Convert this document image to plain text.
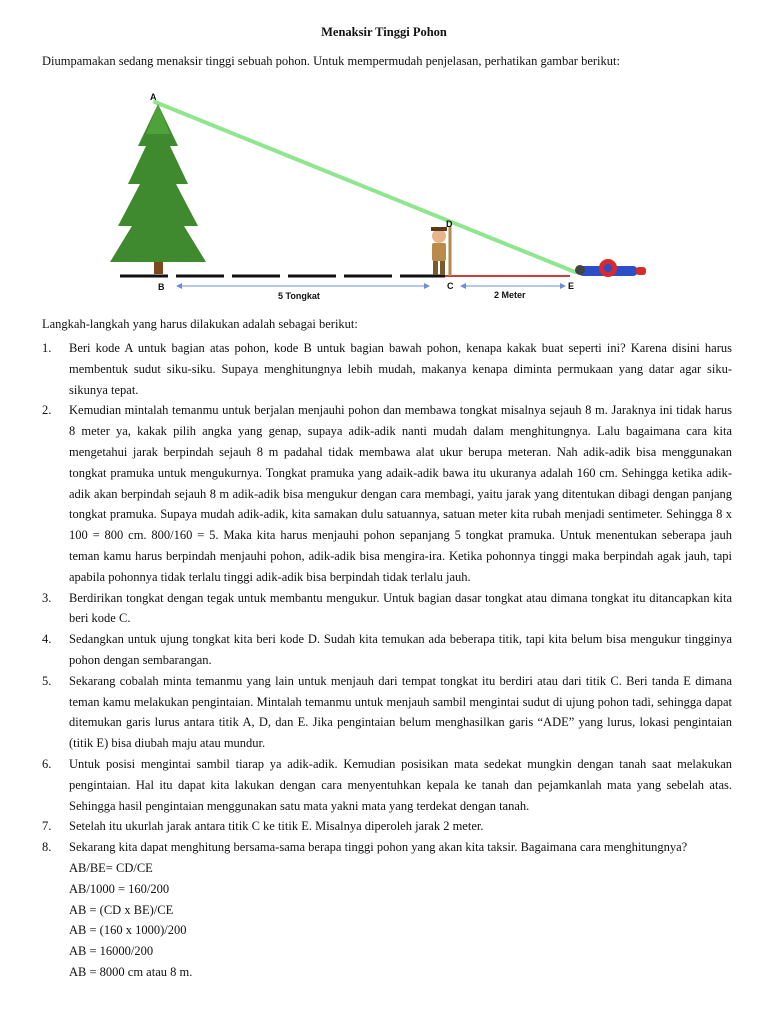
Menaksir Tinggi Pohon
Diumpamakan sedang menaksir tinggi sebuah pohon. Untuk mempermudah penjelasan, perhatikan gambar berikut:
A
B	C
D
E
5 Tongkat	2 Meter
Langkah-langkah yang harus dilakukan adalah sebagai berikut:
1.	Beri kode A untuk bagian atas pohon, kode B untuk bagian bawah pohon, kenapa kakak buat seperti ini? Karena disini harus membentuk sudut siku-siku. Supaya menghitungnya lebih mudah, makanya kenapa diminta permukaan yang datar agar siku-sikunya tepat.
2.	Kemudian mintalah temanmu untuk berjalan menjauhi pohon dan membawa tongkat misalnya sejauh 8 m. Jaraknya ini tidak harus 8 meter ya, kakak pilih angka yang genap, supaya adik-adik nanti mudah dalam menghitungnya. Lalu bagaimana cara kita mengetahui jarak berpindah sejauh 8 m padahal tidak membawa alat ukur berupa meteran. Nah adik-adik bisa menggunakan tongkat pramuka untuk mengukurnya. Tongkat pramuka yang adaik-adik bawa itu ukuranya adalah 160 cm. Sehingga ketika adik-adik akan berpindah sejauh 8 m adik-adik bisa mengukur dengan cara membagi, yaitu jarak yang ditentukan dibagi dengan panjang tongkat pramuka. Supaya mudah adik-adik, kita samakan dulu satuannya, satuan meter kita rubah menjadi sentimeter. Sehingga 8 x 100 = 800 cm. 800/160 = 5. Maka kita harus menjauhi pohon sepanjang 5 tongkat pramuka. Untuk menentukan seberapa jauh teman kamu harus berpindah menjauhi pohon, adik-adik bisa mengira-ira. Ketika pohonnya tinggi maka berpindah agak jauh, tapi apabila pohonnya tidak terlalu tinggi adik-adik bisa berpindah tidak terlalu jauh.
3.	Berdirikan tongkat dengan tegak untuk membantu mengukur. Untuk bagian dasar tongkat atau dimana tongkat itu ditancapkan kita beri kode C.
4.	Sedangkan untuk ujung tongkat kita beri kode D. Sudah kita temukan ada beberapa titik, tapi kita belum bisa mengukur tingginya pohon dengan sembarangan.
5.	Sekarang cobalah minta temanmu yang lain untuk menjauh dari tempat tongkat itu berdiri atau dari titik C. Beri tanda E dimana teman kamu melakukan pengintaian. Mintalah temanmu untuk menjauh sambil mengintai sudut di ujung pohon tadi, sehingga dapat ditemukan garis lurus antara titik A, D, dan E. Jika pengintaian belum menghasilkan garis “ADE” yang lurus, lokasi pengintaian (titik E) bisa diubah maju atau mundur.
6.	Untuk posisi mengintai sambil tiarap ya adik-adik. Kemudian posisikan mata sedekat mungkin dengan tanah saat melakukan pengintaian. Hal itu dapat kita lakukan dengan cara menyentuhkan kepala ke tanah dan pejamkanlah mata yang sebelah atas. Sehingga hasil pengintaian menggunakan satu mata yakni mata yang terdekat dengan tanah.
7.	Setelah itu ukurlah jarak antara titik C ke titik E. Misalnya diperoleh jarak 2 meter.
8.	Sekarang kita dapat menghitung bersama-sama berapa tinggi pohon yang akan kita taksir. Bagaimana cara menghitungnya?
AB/BE= CD/CE
AB/1000 = 160/200
AB = (CD x BE)/CE
AB = (160 x 1000)/200
AB = 16000/200
AB = 8000 cm atau 8 m.
